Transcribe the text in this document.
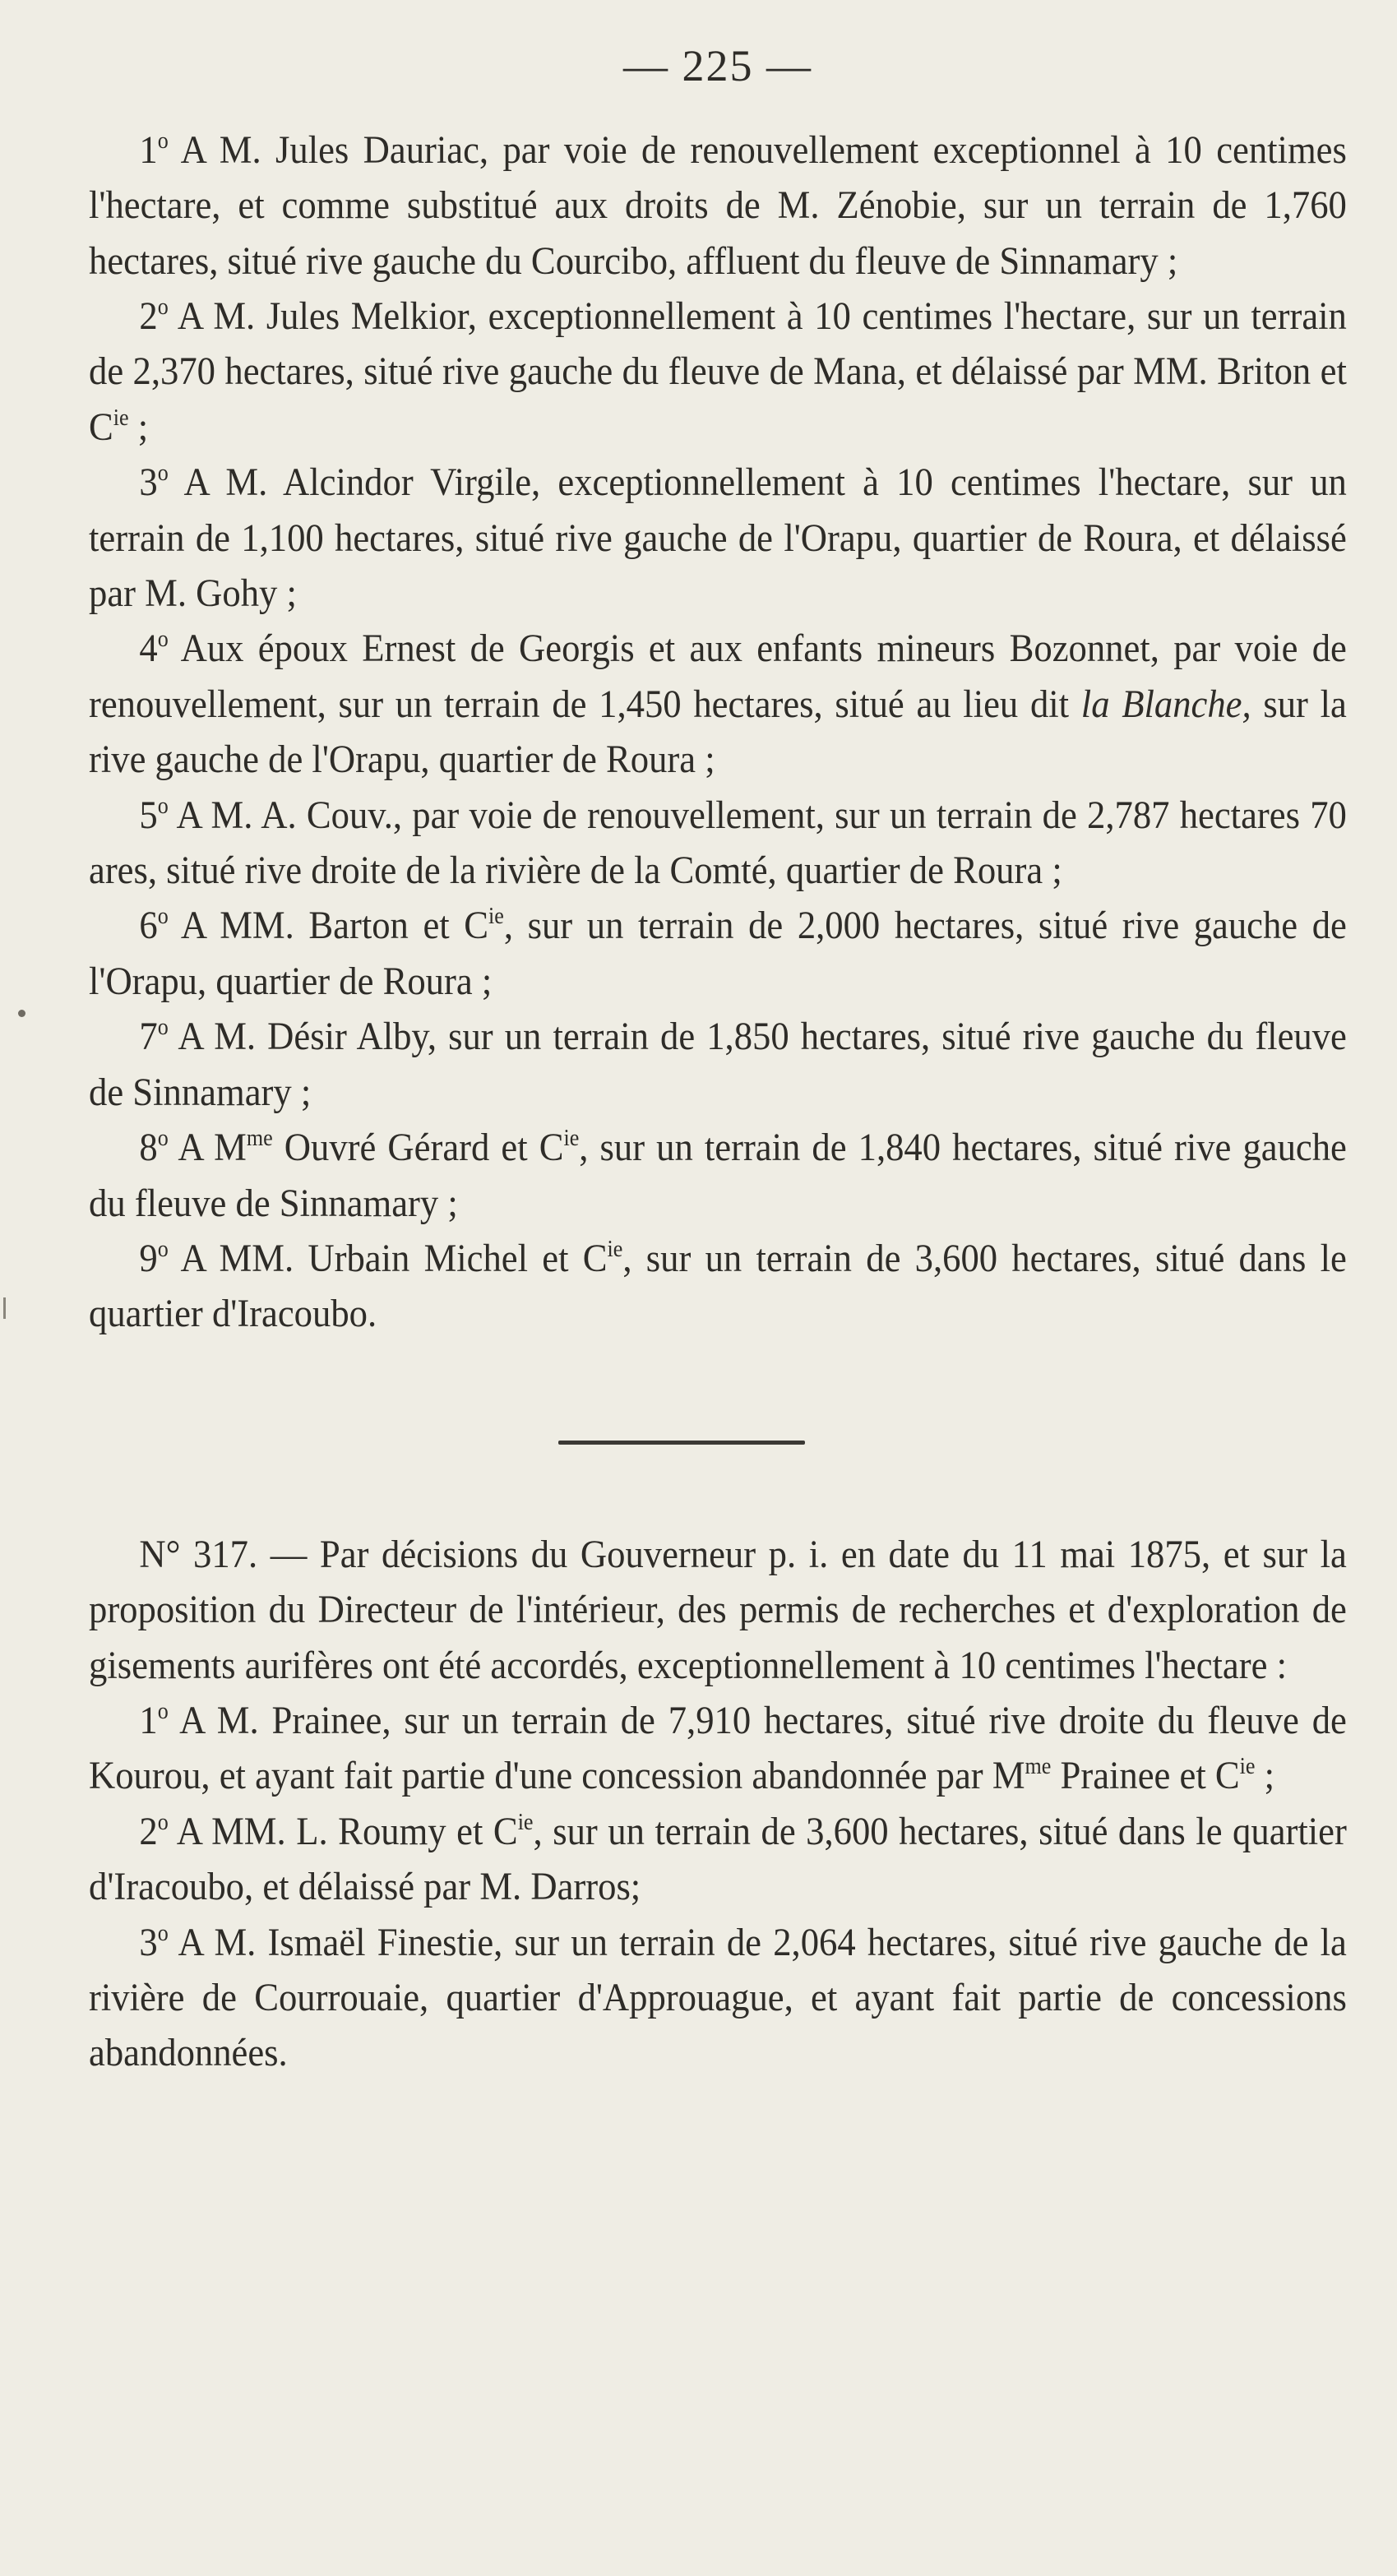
— 225 —

1$^o$ A M. Jules Dauriac, par voie de renouvellement exceptionnel à 10 centimes l'hectare, et comme substitué aux droits de M. Zénobie, sur un terrain de 1,760 hectares, situé rive gauche du Courcibo, affluent du fleuve de Sinnamary ;

2$^o$ A M. Jules Melkior, exceptionnellement à 10 centimes l'hectare, sur un terrain de 2,370 hectares, situé rive gauche du fleuve de Mana, et délaissé par MM. Briton et $C^{ie}$ ;

3$^o$ A M. Alcindor Virgile, exceptionnellement à 10 centimes l'hectare, sur un terrain de 1,100 hectares, situé rive gauche de l'Orapu, quartier de Roura, et délaissé par M. Gohy ;

4$^o$ Aux époux Ernest de Georgis et aux enfants mineurs Bozonnet, par voie de renouvellement, sur un terrain de 1,450 hectares, situé au lieu dit la Blanche, sur la rive gauche de l'Orapu, quartier de Roura ;

5$^o$ A M. A. Couv., par voie de renouvellement, sur un terrain de 2,787 hectares 70 ares, situé rive droite de la rivière de la Comté, quartier de Roura ;

6$^o$ A MM. Barton et $C^{ie}$, sur un terrain de 2,000 hectares, situé rive gauche de l'Orapu, quartier de Roura ;

7$^o$ A M. Désir Alby, sur un terrain de 1,850 hectares, situé rive gauche du fleuve de Sinnamary ;

8$^o$ A $M^{me}$ Ouvré Gérard et $C^{ie}$, sur un terrain de 1,840 hectares, situé rive gauche du fleuve de Sinnamary ;

9$^o$ A MM. Urbain Michel et $C^{ie}$, sur un terrain de 3,600 hectares, situé dans le quartier d'Iracoubo.

N° 317. — Par décisions du Gouverneur p. i. en date du 11 mai 1875, et sur la proposition du Directeur de l'intérieur, des permis de recherches et d'exploration de gisements aurifères ont été accordés, exceptionnellement à 10 centimes l'hectare :

1$^o$ A M. Prainee, sur un terrain de 7,910 hectares, situé rive droite du fleuve de Kourou, et ayant fait partie d'une concession abandonnée par $M^{me}$ Prainee et $C^{ie}$ ;

2$^o$ A MM. L. Roumy et $C^{ie}$, sur un terrain de 3,600 hectares, situé dans le quartier d'Iracoubo, et délaissé par M. Darros;

3$^o$ A M. Ismaël Finestie, sur un terrain de 2,064 hectares, situé rive gauche de la rivière de Courrouaie, quartier d'Approuague, et ayant fait partie de concessions abandonnées.
